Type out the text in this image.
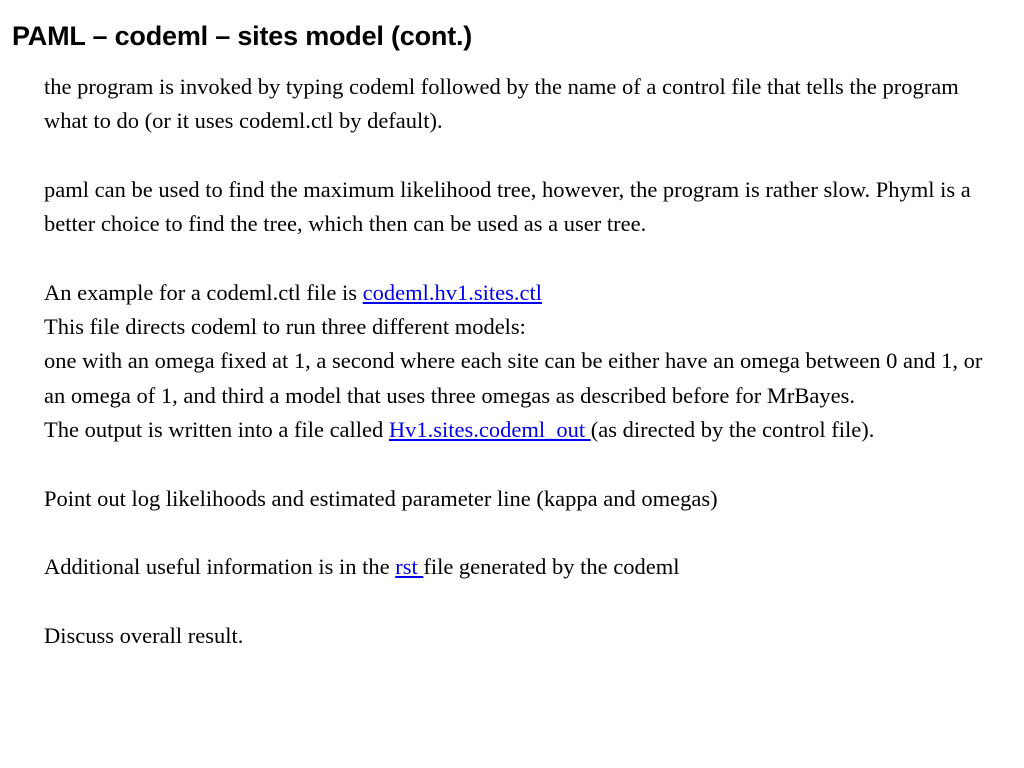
PAML – codeml – sites model (cont.)

the program is invoked by typing codeml followed by the name of a control file that tells the program what to do (or it uses codeml.ctl by default).

paml can be used to find the maximum likelihood tree, however, the program is rather slow. Phyml is a better choice to find the tree, which then can be used as a user tree.

An example for a codeml.ctl file is codeml.hv1.sites.ctl

This file directs codeml to run three different models:

one with an omega fixed at 1, a second where each site can be either have an omega between 0 and 1, or an omega of 1, and third a model that uses three omegas as described before for MrBayes.

The output is written into a file called Hv1.sites.codeml_out (as directed by the control file).

Point out log likelihoods and estimated parameter line (kappa and omegas)

Additional useful information is in the rst file generated by the codeml

Discuss overall result.
